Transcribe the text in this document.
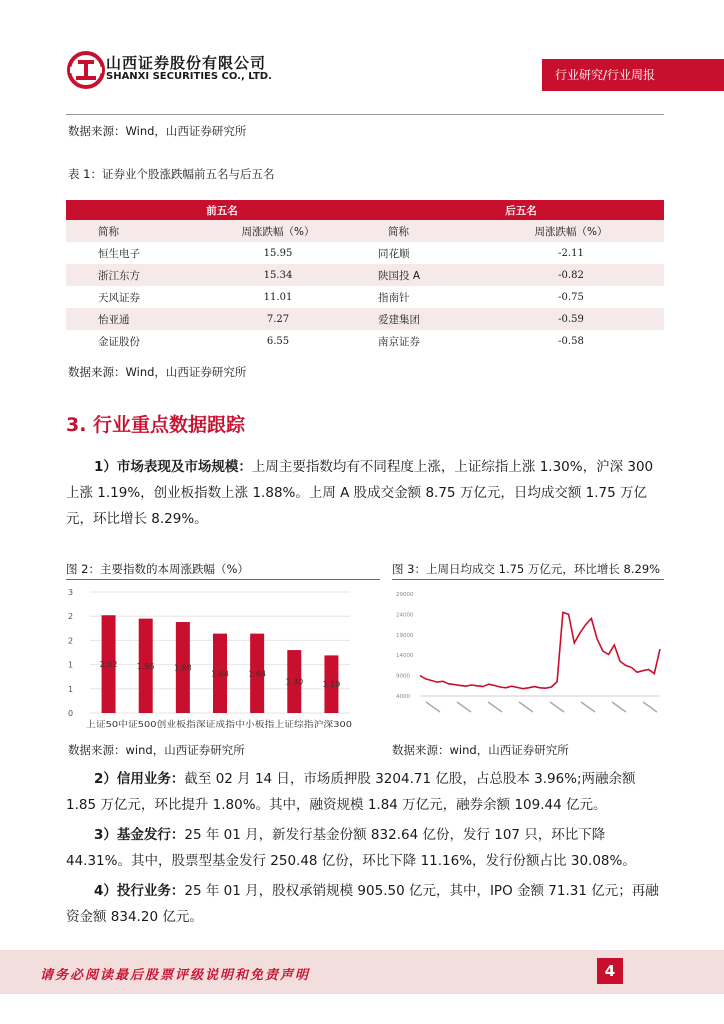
山西证券股份有限公司
SHANXI SECURITIES CO., LTD.	行业研究/行业周报
数据来源：Wind，山西证券研究所
表 1：证券业个股涨跌幅前五名与后五名
前五名		后五名	
简称	周涨跌幅（%）	简称	周涨跌幅（%）
恒生电子	15.95	同花顺	-2.11
浙江东方	15.34	陕国投 A	-0.82
天风证券	11.01	指南针	-0.75
怡亚通	7.27	爱建集团	-0.59
金证股份	6.55	南京证券	-0.58
数据来源：Wind，山西证券研究所
3. 行业重点数据跟踪
1）市场表现及市场规模：上周主要指数均有不同程度上涨，上证综指上涨 1.30%，沪深 300 上涨 1.19%，创业板指数上涨 1.88%。上周 A 股成交金额 8.75 万亿元，日均成交额 1.75 万亿元，环比增长 8.29%。
图 2：主要指数的本周涨跌幅（%）	图 3：上周日均成交 1.75 万亿元，环比增长 8.29%
0
1
1
2
2
3
2.02 1.95 1.88
1.64 1.64
1.30 1.19
上证50中证500创业板指深证成指中小板指上证综指沪深300
4000
9000
14000
19000
24000
29000
数据来源：wind，山西证券研究所	数据来源：wind，山西证券研究所
2）信用业务：截至 02 月 14 日，市场质押股 3204.71 亿股，占总股本 3.96%;两融余额 1.85 万亿元，环比提升 1.80%。其中，融资规模 1.84 万亿元，融券余额 109.44 亿元。
3）基金发行：25 年 01 月，新发行基金份额 832.64 亿份，发行 107 只，环比下降 44.31%。其中，股票型基金发行 250.48 亿份，环比下降 11.16%，发行份额占比 30.08%。
4）投行业务：25 年 01 月，股权承销规模 905.50 亿元，其中，IPO 金额 71.31 亿元；再融资金额 834.20 亿元。
请务必阅读最后股票评级说明和免责声明	4
